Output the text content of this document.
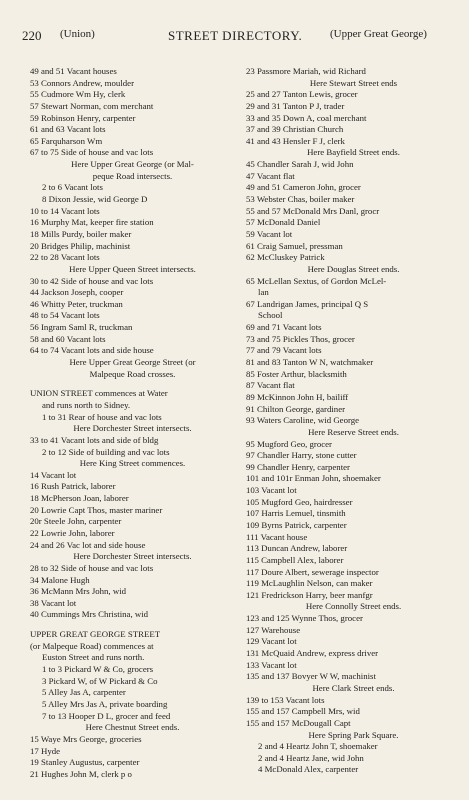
220 (Union)	STREET DIRECTORY.	(Upper Great George)
49 and 51 Vacant houses
53 Connors Andrew, moulder
55 Cudmore Wm Hy, clerk
57 Stewart Norman, com merchant
59 Robinson Henry, carpenter
61 and 63 Vacant lots
65 Farquharson Wm
67 to 75 Side of house and vac lots
Here Upper Great George (or Mal-
peque Road intersects.
2 to 6 Vacant lots
8 Dixon Jessie, wid George D
10 to 14 Vacant lots
16 Murphy Mat, keeper fire station
18 Mills Purdy, boiler maker
20 Bridges Philip, machinist
22 to 28 Vacant lots
Here Upper Queen Street intersects.
30 to 42 Side of house and vac lots
44 Jackson Joseph, cooper
46 Whitty Peter, truckman
48 to 54 Vacant lots
56 Ingram Saml R, truckman
58 and 60 Vacant lots
64 to 74 Vacant lots and side house
Here Upper Great George Street (or
Malpeque Road crosses.
UNION STREET commences at Water
and runs north to Sidney.
1 to 31 Rear of house and vac lots
Here Dorchester Street intersects.
33 to 41 Vacant lots and side of bldg
2 to 12 Side of building and vac lots
Here King Street commences.
14 Vacant lot
16 Rush Patrick, laborer
18 McPherson Joan, laborer
20 Lowrie Capt Thos, master mariner
20r Steele John, carpenter
22 Lowrie John, laborer
24 and 26 Vac lot and side house
Here Dorchester Street intersects.
28 to 32 Side of house and vac lots
34 Malone Hugh
36 McMann Mrs John, wid
38 Vacant lot
40 Cummings Mrs Christina, wid
UPPER GREAT GEORGE STREET
(or Malpeque Road) commences at
Euston Street and runs north.
1 to 3 Pickard W & Co, grocers
3 Pickard W, of W Pickard & Co
5 Alley Jas A, carpenter
5 Alley Mrs Jas A, private boarding
7 to 13 Hooper D L, grocer and feed
Here Chestnut Street ends.
15 Waye Mrs George, groceries
17 Hyde
19 Stanley Augustus, carpenter
21 Hughes John M, clerk p o
23 Passmore Mariah, wid Richard
Here Stewart Street ends
25 and 27 Tanton Lewis, grocer
29 and 31 Tanton P J, trader
33 and 35 Down A, coal merchant
37 and 39 Christian Church
41 and 43 Hensler F J, clerk
Here Bayfield Street ends.
45 Chandler Sarah J, wid John
47 Vacant flat
49 and 51 Cameron John, grocer
53 Webster Chas, boiler maker
55 and 57 McDonald Mrs Danl, grocr
57 McDonald Daniel
59 Vacant lot
61 Craig Samuel, pressman
62 McCluskey Patrick
Here Douglas Street ends.
65 McLellan Sextus, of Gordon McLel-
lan
67 Landrigan James, principal Q S
School
69 and 71 Vacant lots
73 and 75 Pickles Thos, grocer
77 and 79 Vacant lots
81 and 83 Tanton W N, watchmaker
85 Foster Arthur, blacksmith
87 Vacant flat
89 McKinnon John H, bailiff
91 Chilton George, gardiner
93 Waters Caroline, wid George
Here Reserve Street ends.
95 Mugford Geo, grocer
97 Chandler Harry, stone cutter
99 Chandler Henry, carpenter
101 and 101r Enman John, shoemaker
103 Vacant lot
105 Mugford Geo, hairdresser
107 Harris Lemuel, tinsmith
109 Byrns Patrick, carpenter
111 Vacant house
113 Duncan Andrew, laborer
115 Campbell Alex, laborer
117 Doure Albert, sewerage inspector
119 McLaughlin Nelson, can maker
121 Fredrickson Harry, beer manfgr
Here Connolly Street ends.
123 and 125 Wynne Thos, grocer
127 Warehouse
129 Vacant lot
131 McQuaid Andrew, express driver
133 Vacant lot
135 and 137 Bovyer W W, machinist
Here Clark Street ends.
139 to 153 Vacant lots
155 and 157 Campbell Mrs, wid
155 and 157 McDougall Capt
Here Spring Park Square.
2 and 4 Heartz John T, shoemaker
2 and 4 Heartz Jane, wid John
4 McDonald Alex, carpenter
